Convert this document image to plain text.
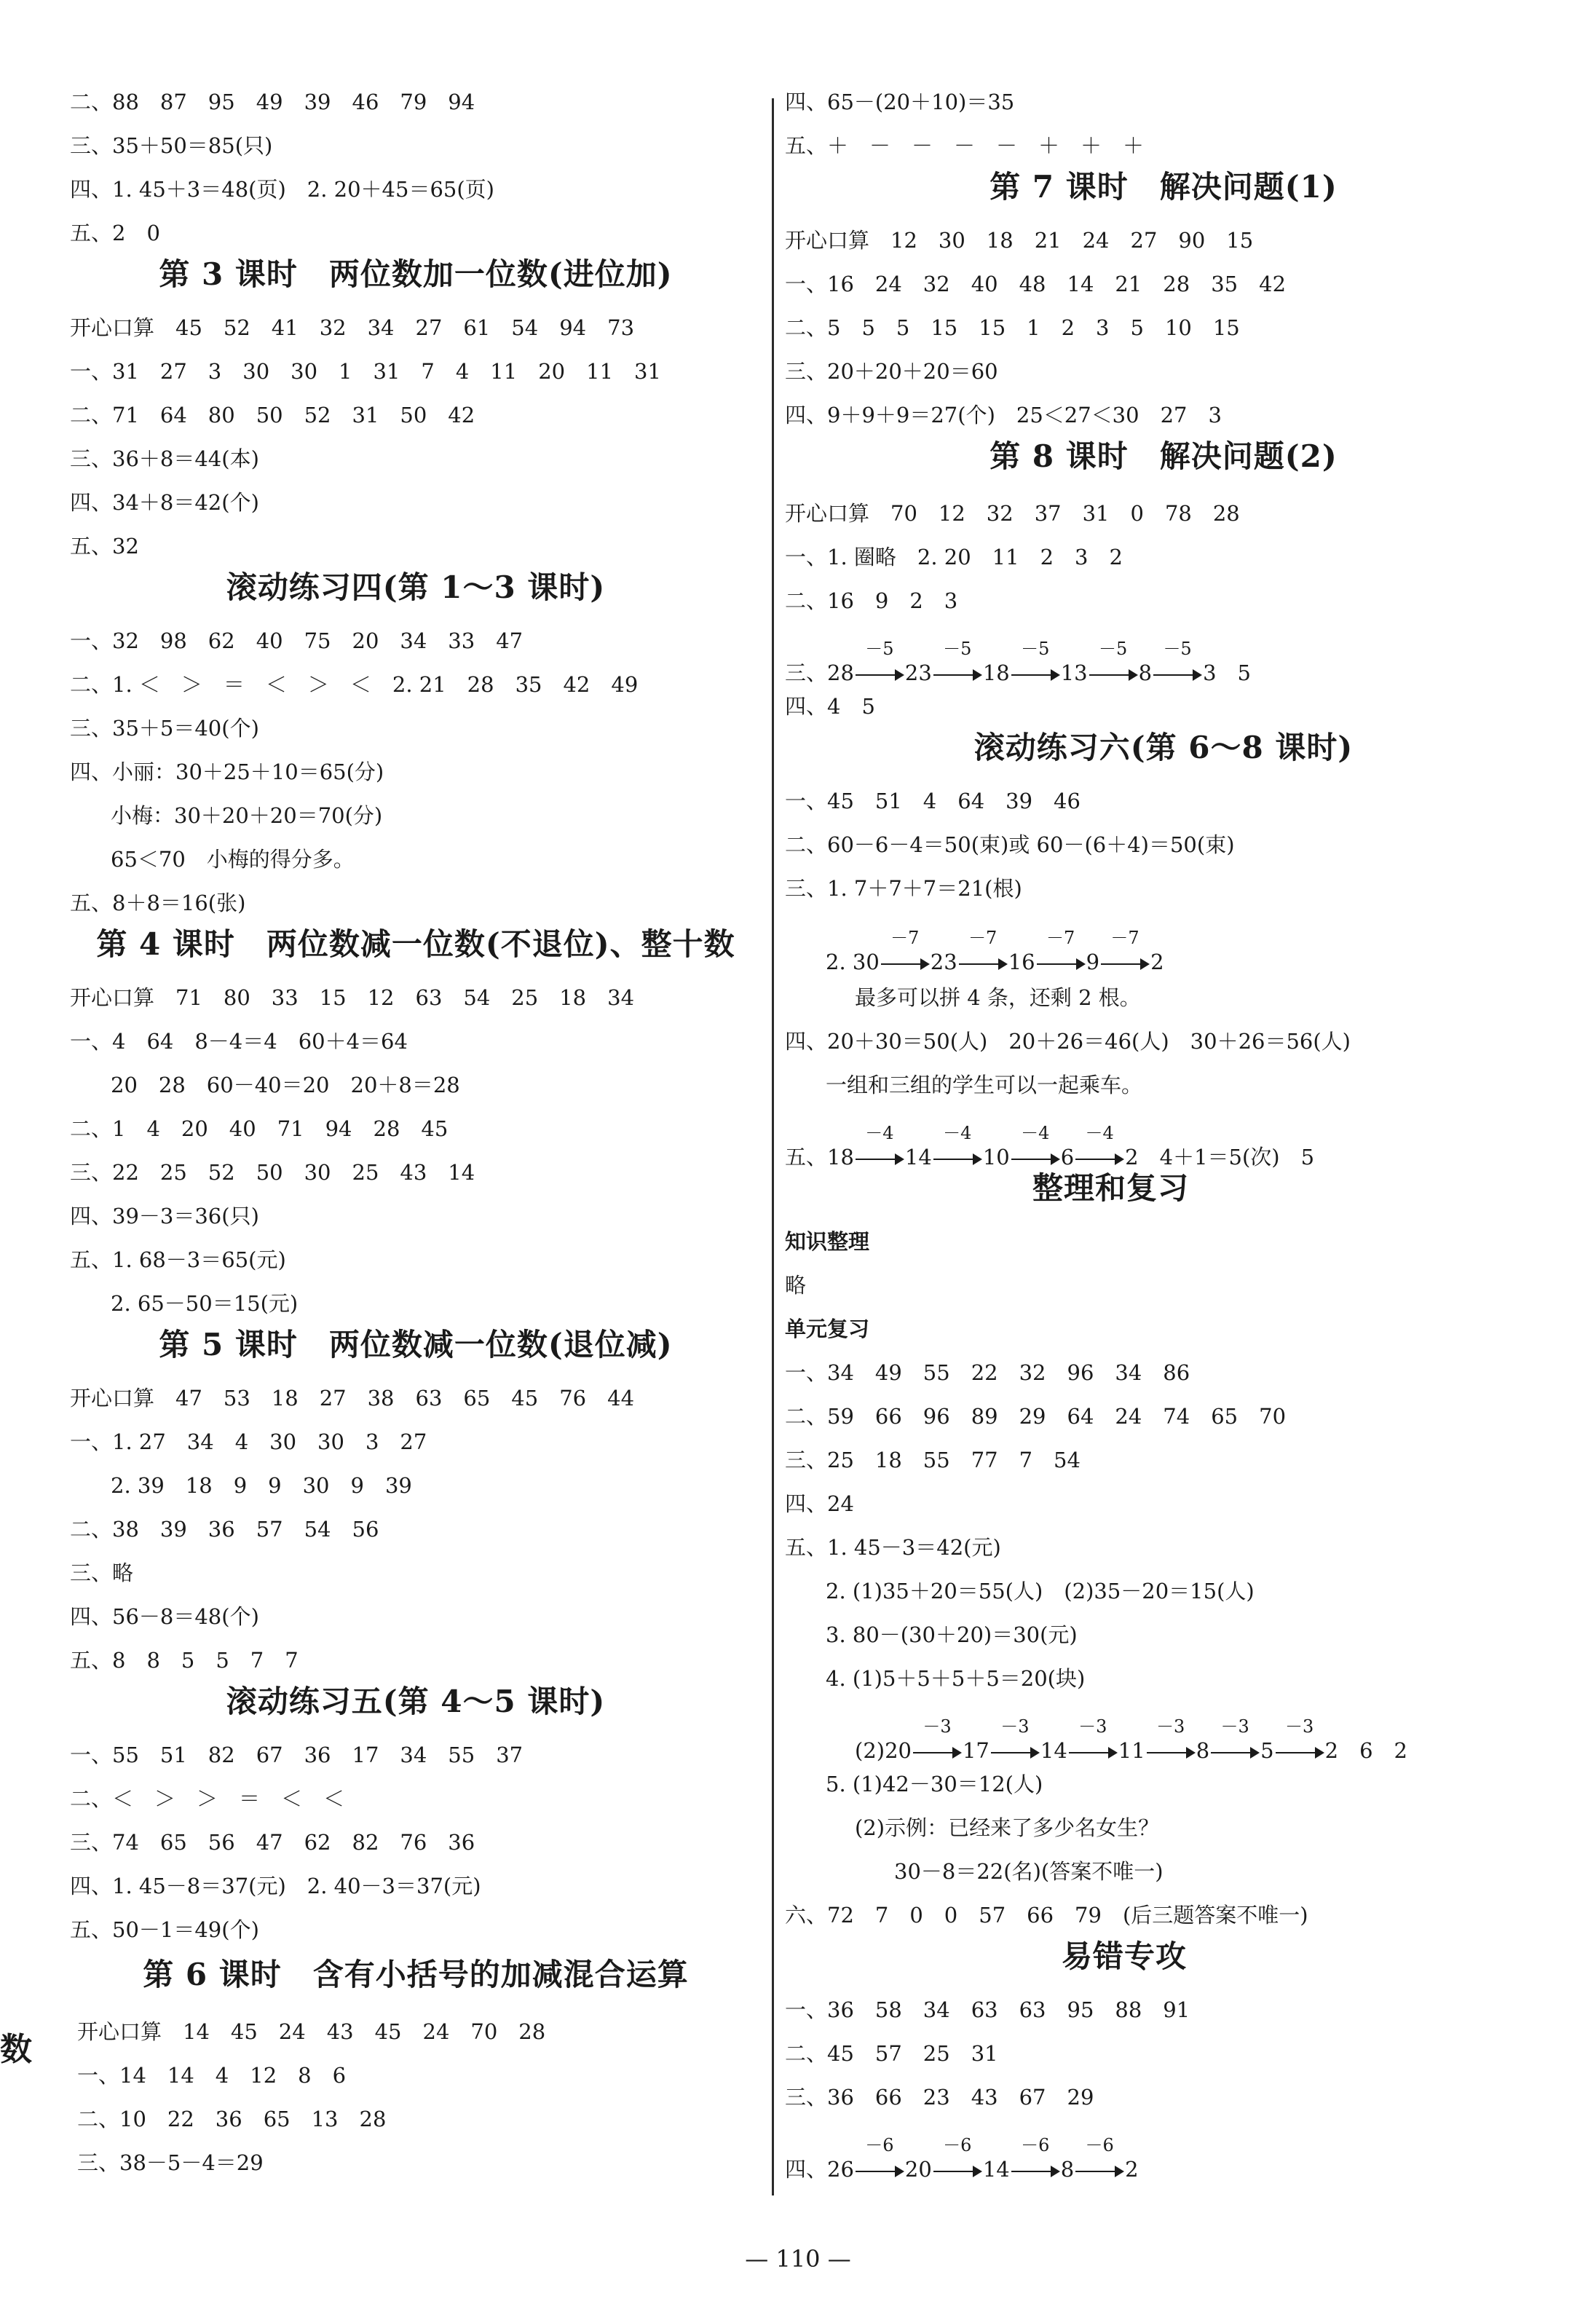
二、88　87　95　49　39　46　79　94
三、35＋50＝85(只)
四、1. 45＋3＝48(页)　2. 20＋45＝65(页)
五、2　0
第 3 课时　两位数加一位数(进位加)
开心口算　45　52　41　32　34　27　61　54　94　73
一、31　27　3　30　30　1　31　7　4　11　20　11　31
二、71　64　80　50　52　31　50　42
三、36＋8＝44(本)
四、34＋8＝42(个)
五、32
滚动练习四(第 1～3 课时)
一、32　98　62　40　75　20　34　33　47
二、1. ＜　＞　＝　＜　＞　＜　2. 21　28　35　42　49
三、35＋5＝40(个)
四、小丽：30＋25＋10＝65(分)
小梅：30＋20＋20＝70(分)
65＜70　小梅的得分多。
五、8＋8＝16(张)
第 4 课时　两位数减一位数(不退位)、整十数
开心口算　71　80　33　15　12　63　54　25　18　34
一、4　64　8－4＝4　60＋4＝64
20　28　60－40＝20　20＋8＝28
二、1　4　20　40　71　94　28　45
三、22　25　52　50　30　25　43　14
四、39－3＝36(只)
五、1. 68－3＝65(元)
2. 65－50＝15(元)
第 5 课时　两位数减一位数(退位减)
开心口算　47　53　18　27　38　63　65　45　76　44
一、1. 27　34　4　30　30　3　27
2. 39　18　9　9　30　9　39
二、38　39　36　57　54　56
三、略
四、56－8＝48(个)
五、8　8　5　5　7　7
滚动练习五(第 4～5 课时)
一、55　51　82　67　36　17　34　55　37
二、＜　＞　＞　＝　＜　＜
三、74　65　56　47　62　82　76　36
四、1. 45－8＝37(元)　2. 40－3＝37(元)
五、50－1＝49(个)
第 6 课时　含有小括号的加减混合运算
开心口算　14　45　24　43　45　24　70　28
一、14　14　4　12　8　6
二、10　22　36　65　13　28
三、38－5－4＝29
四、65－(20＋10)＝35
五、＋　－　－　－　－　＋　＋　＋
第 7 课时　解决问题(1)
开心口算　12　30　18　21　24　27　90　15
一、16　24　32　40　48　14　21　28　35　42
二、5　5　5　15　15　1　2　3　5　10　15
三、20＋20＋20＝60
四、9＋9＋9＝27(个)　25＜27＜30　27　3
第 8 课时　解决问题(2)
开心口算　70　12　32　37　31　0　78　28
一、1. 圈略　2. 20　11　2　3　2
二、16　9　2　3
三、28
－5
23
－5
18
－5
13
－5
8
－5
3　5
四、4　5
滚动练习六(第 6～8 课时)
一、45　51　4　64　39　46
二、60－6－4＝50(束)或 60－(6＋4)＝50(束)
三、1. 7＋7＋7＝21(根)
2. 30
－7
23
－7
16
－7
9
－7
2
最多可以拼 4 条，还剩 2 根。
四、20＋30＝50(人)　20＋26＝46(人)　30＋26＝56(人)
一组和三组的学生可以一起乘车。
五、18
－4
14
－4
10
－4
6
－4
2　4＋1＝5(次)　5
整理和复习
知识整理
略
单元复习
一、34　49　55　22　32　96　34　86
二、59　66　96　89　29　64　24　74　65　70
三、25　18　55　77　7　54
四、24
五、1. 45－3＝42(元)
2. (1)35＋20＝55(人)　(2)35－20＝15(人)
3. 80－(30＋20)＝30(元)
4. (1)5＋5＋5＋5＝20(块)
(2)20
－3
17
－3
14
－3
11
－3
8
－3
5
－3
2　6　2
5. (1)42－30＝12(人)
(2)示例：已经来了多少名女生？
30－8＝22(名)(答案不唯一)
六、72　7　0　0　57　66　79　(后三题答案不唯一)
易错专攻
一、36　58　34　63　63　95　88　91
二、45　57　25　31
三、36　66　23　43　67　29
四、26
－6
20
－6
14
－6
8
－6
2
数
— 110 —
